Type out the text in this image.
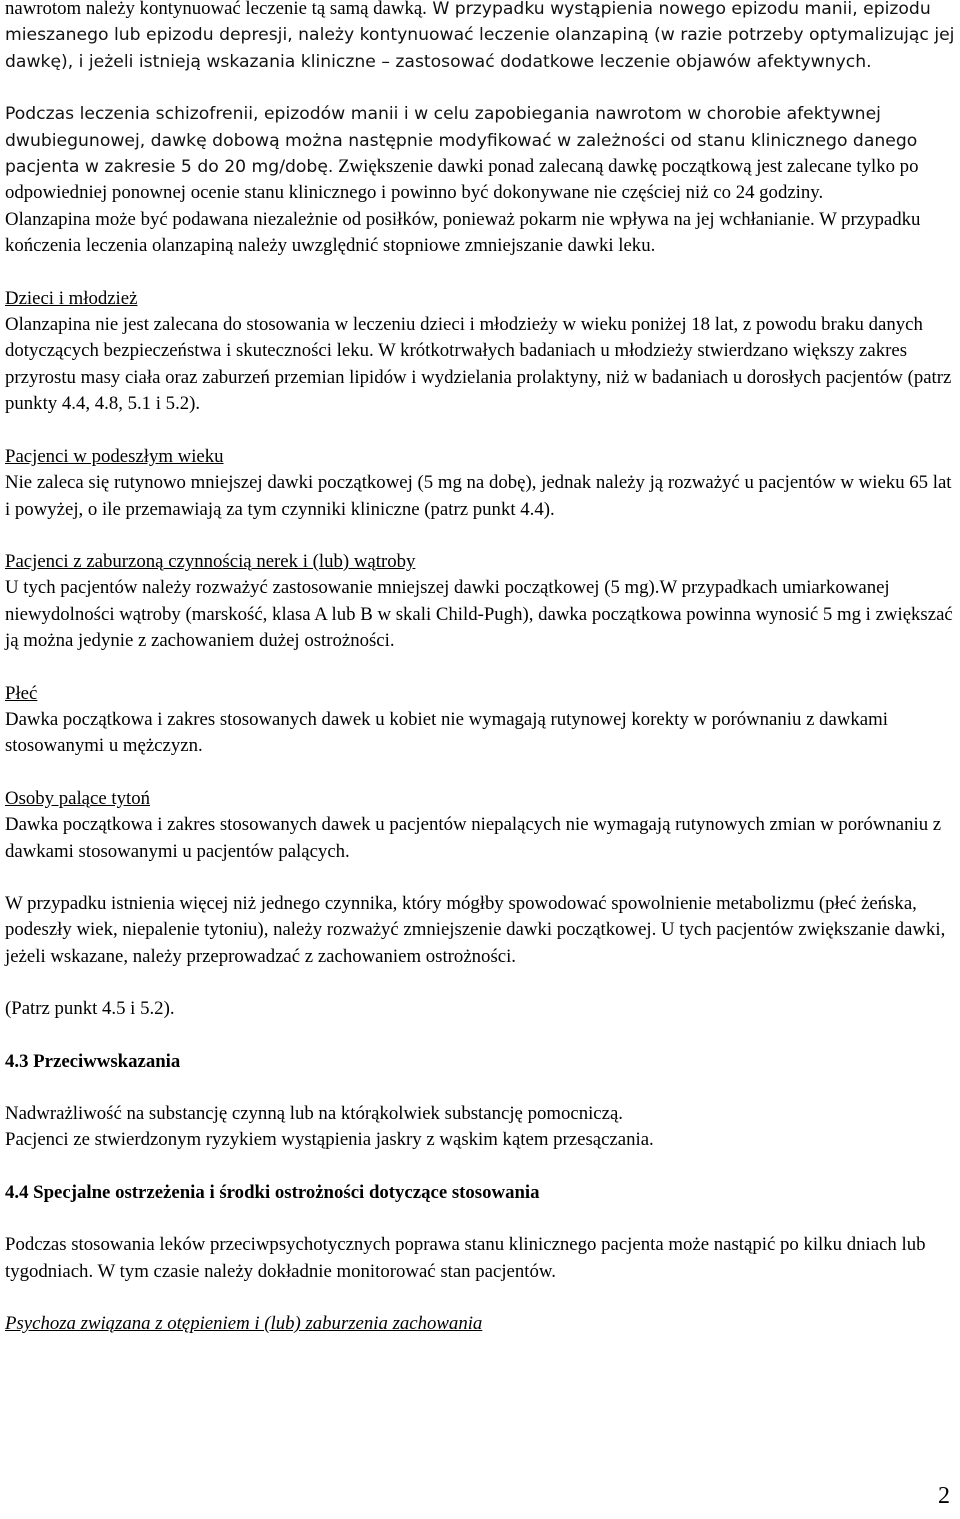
nawrotom należy kontynuować leczenie tą samą dawką. W przypadku wystąpienia nowego epizodu manii, epizodu mieszanego lub epizodu depresji, należy kontynuować leczenie olanzapiną (w razie potrzeby optymalizując jej dawkę), i jeżeli istnieją wskazania kliniczne – zastosować dodatkowe leczenie objawów afektywnych.

Podczas leczenia schizofrenii, epizodów manii i w celu zapobiegania nawrotom w chorobie afektywnej dwubiegunowej, dawkę dobową można następnie modyfikować w zależności od stanu klinicznego danego pacjenta w zakresie 5 do 20 mg/dobę. Zwiększenie dawki ponad zalecaną dawkę początkową jest zalecane tylko po odpowiedniej ponownej ocenie stanu klinicznego i powinno być dokonywane nie częściej niż co 24 godziny.

Olanzapina może być podawana niezależnie od posiłków, ponieważ pokarm nie wpływa na jej wchłanianie. W przypadku kończenia leczenia olanzapiną należy uwzględnić stopniowe zmniejszanie dawki leku.

Dzieci i młodzież

Olanzapina nie jest zalecana do stosowania w leczeniu dzieci i młodzieży w wieku poniżej 18 lat, z powodu braku danych dotyczących bezpieczeństwa i skuteczności leku. W krótkotrwałych badaniach u młodzieży stwierdzano większy zakres przyrostu masy ciała oraz zaburzeń przemian lipidów i wydzielania prolaktyny, niż w badaniach u dorosłych pacjentów (patrz punkty 4.4, 4.8, 5.1 i 5.2).

Pacjenci w podeszłym wieku

Nie zaleca się rutynowo mniejszej dawki początkowej (5 mg na dobę), jednak należy ją rozważyć u pacjentów w wieku 65 lat i powyżej, o ile przemawiają za tym czynniki kliniczne (patrz punkt 4.4).

Pacjenci z zaburzoną czynnością nerek i (lub) wątroby

U tych pacjentów należy rozważyć zastosowanie mniejszej dawki początkowej (5 mg).W przypadkach umiarkowanej niewydolności wątroby (marskość, klasa A lub B w skali Child-Pugh), dawka początkowa powinna wynosić 5 mg i zwiększać ją można jedynie z zachowaniem dużej ostrożności.

Płeć

Dawka początkowa i zakres stosowanych dawek u kobiet nie wymagają rutynowej korekty w porównaniu z dawkami stosowanymi u mężczyzn.

Osoby palące tytoń

Dawka początkowa i zakres stosowanych dawek u pacjentów niepalących nie wymagają rutynowych zmian w porównaniu z dawkami stosowanymi u pacjentów palących.

W przypadku istnienia więcej niż jednego czynnika, który mógłby spowodować spowolnienie metabolizmu (płeć żeńska, podeszły wiek, niepalenie tytoniu), należy rozważyć zmniejszenie dawki początkowej. U tych pacjentów zwiększanie dawki, jeżeli wskazane, należy przeprowadzać z zachowaniem ostrożności.

(Patrz punkt 4.5 i 5.2).

4.3 Przeciwwskazania

Nadwrażliwość na substancję czynną lub na którąkolwiek substancję pomocniczą.

Pacjenci ze stwierdzonym ryzykiem wystąpienia jaskry z wąskim kątem przesączania.

4.4 Specjalne ostrzeżenia i środki ostrożności dotyczące stosowania

Podczas stosowania leków przeciwpsychotycznych poprawa stanu klinicznego pacjenta może nastąpić po kilku dniach lub tygodniach. W tym czasie należy dokładnie monitorować stan pacjentów.

Psychoza związana z otępieniem i (lub) zaburzenia zachowania

2
